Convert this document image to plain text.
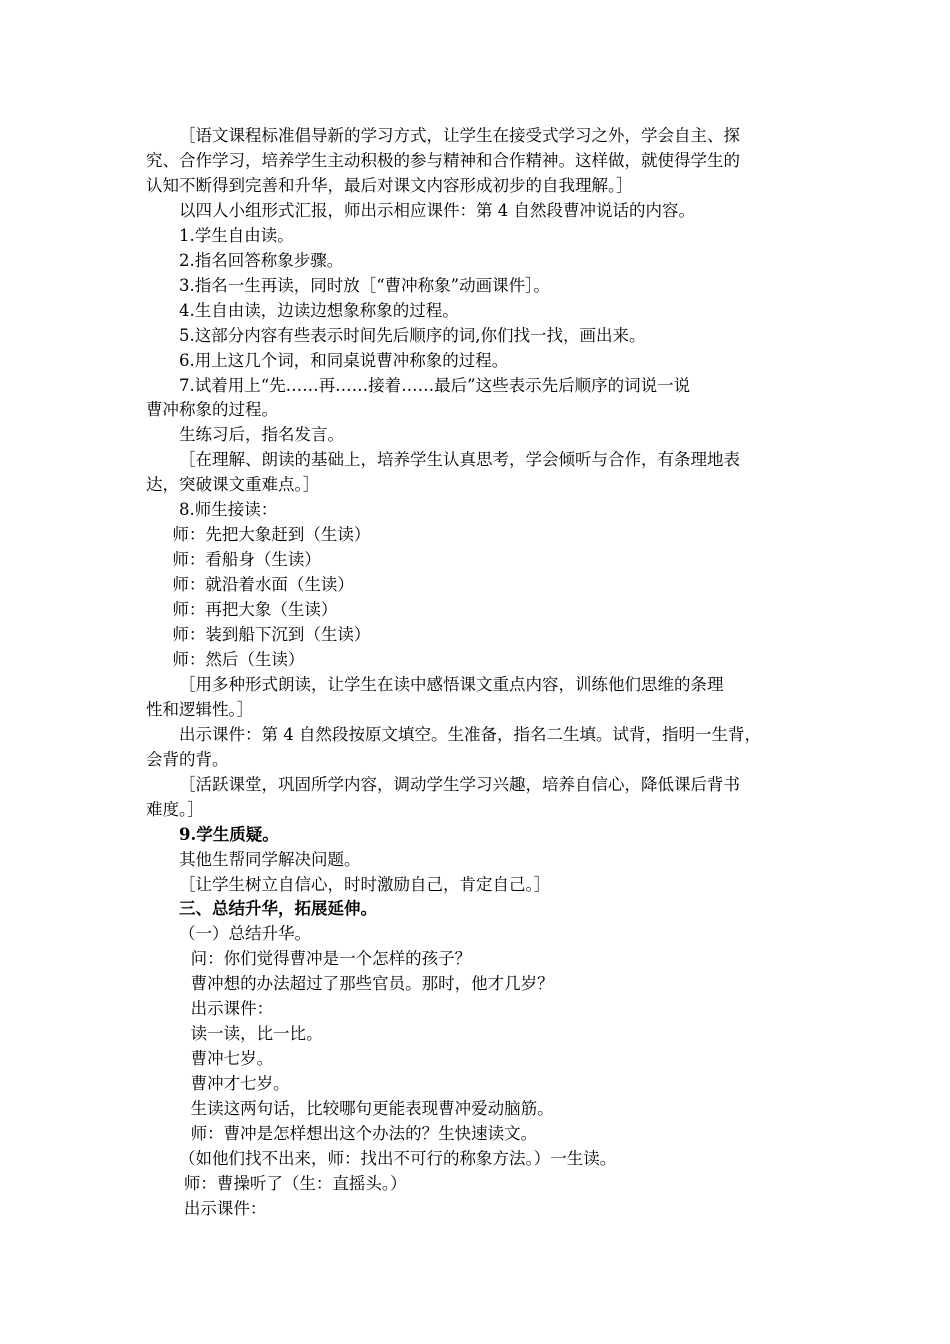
［语文课程标准倡导新的学习方式，让学生在接受式学习之外，学会自主、探
究、合作学习，培养学生主动积极的参与精神和合作精神。这样做，就使得学生的
认知不断得到完善和升华，最后对课文内容形成初步的自我理解。］
以四人小组形式汇报，师出示相应课件：第 4 自然段曹冲说话的内容。
1.学生自由读。
2.指名回答称象步骤。
3.指名一生再读，同时放［“曹冲称象”动画课件］。
4.生自由读，边读边想象称象的过程。
5.这部分内容有些表示时间先后顺序的词,你们找一找，画出来。
6.用上这几个词，和同桌说曹冲称象的过程。
7.试着用上“先……再……接着……最后”这些表示先后顺序的词说一说
曹冲称象的过程。
生练习后，指名发言。
［在理解、朗读的基础上，培养学生认真思考，学会倾听与合作，有条理地表
达，突破课文重难点。］
8.师生接读：
师：先把大象赶到（生读）
师：看船身（生读）
师：就沿着水面（生读）
师：再把大象（生读）
师：装到船下沉到（生读）
师：然后（生读）
［用多种形式朗读，让学生在读中感悟课文重点内容，训练他们思维的条理
性和逻辑性。］
出示课件：第 4 自然段按原文填空。生准备，指名二生填。试背，指明一生背，
会背的背。
［活跃课堂，巩固所学内容，调动学生学习兴趣，培养自信心，降低课后背书
难度。］
9.学生质疑。
其他生帮同学解决问题。
［让学生树立自信心，时时激励自己，肯定自己。］
三、总结升华，拓展延伸。
（一）总结升华。
问：你们觉得曹冲是一个怎样的孩子？
曹冲想的办法超过了那些官员。那时，他才几岁？
出示课件：
读一读，比一比。
曹冲七岁。
曹冲才七岁。
生读这两句话，比较哪句更能表现曹冲爱动脑筋。
师：曹冲是怎样想出这个办法的？生快速读文。
（如他们找不出来，师：找出不可行的称象方法。）一生读。
师：曹操听了（生：直摇头。）
出示课件：
